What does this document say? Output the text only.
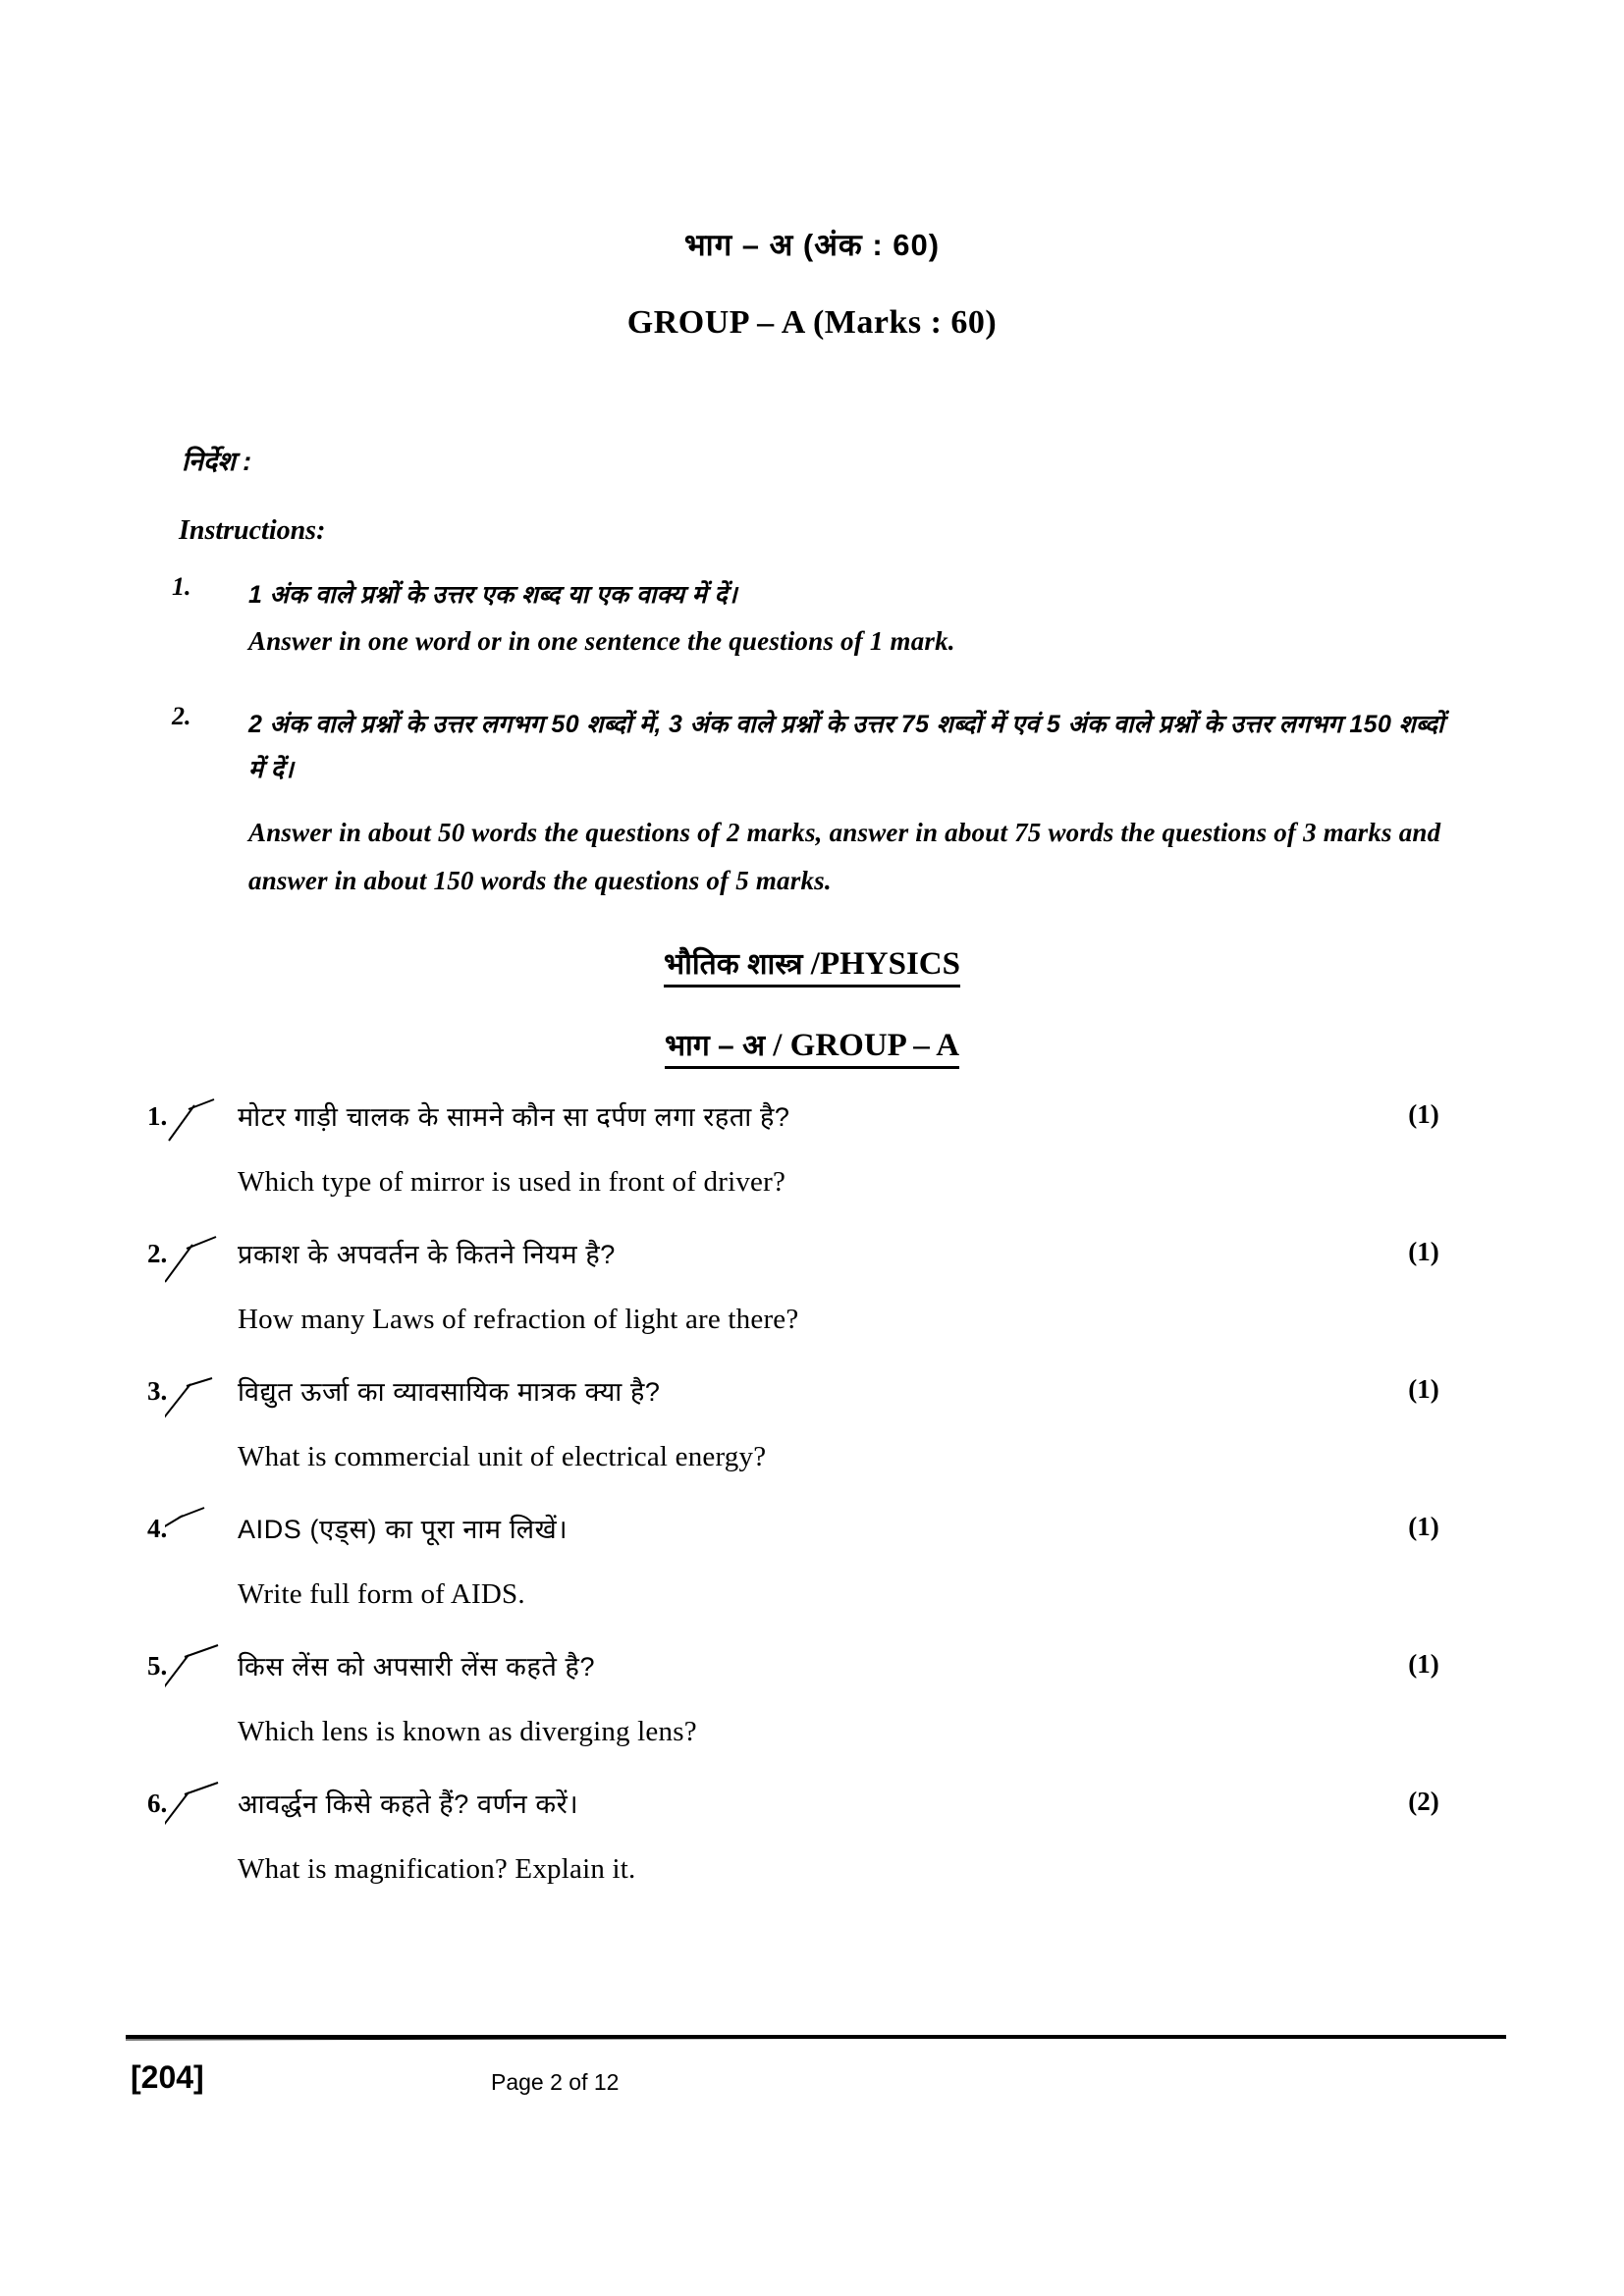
भाग – अ (अंक : 60)
GROUP – A (Marks : 60)
निर्देश :
Instructions:
1.	1 अंक वाले प्रश्नों के उत्तर एक शब्द या एक वाक्य में दें।
Answer in one word or in one sentence the questions of 1 mark.
2.	2 अंक वाले प्रश्नों के उत्तर लगभग 50 शब्दों में, 3 अंक वाले प्रश्नों के उत्तर 75 शब्दों में एवं 5 अंक वाले प्रश्नों के उत्तर लगभग 150 शब्दों में दें।
Answer in about 50 words the questions of 2 marks, answer in about 75 words the questions of 3 marks and answer in about 150 words the questions of 5 marks.
भौतिक शास्त्र /PHYSICS
भाग – अ / GROUP – A
1.	(1)
मोटर गाड़ी चालक के सामने कौन सा दर्पण लगा रहता है?
Which type of mirror is used in front of driver?
2.	(1)
प्रकाश के अपवर्तन के कितने नियम है?
How many Laws of refraction of light are there?
3.	(1)
विद्युत ऊर्जा का व्यावसायिक मात्रक क्या है?
What is commercial unit of electrical energy?
4.	(1)
AIDS (एड्स) का पूरा नाम लिखें।
Write full form of AIDS.
5.	(1)
किस लेंस को अपसारी लेंस कहते है?
Which lens is known as diverging lens?
6.	(2)
आवर्द्धन किसे कहते हैं? वर्णन करें।
What is magnification? Explain it.
[204]	Page 2 of 12
